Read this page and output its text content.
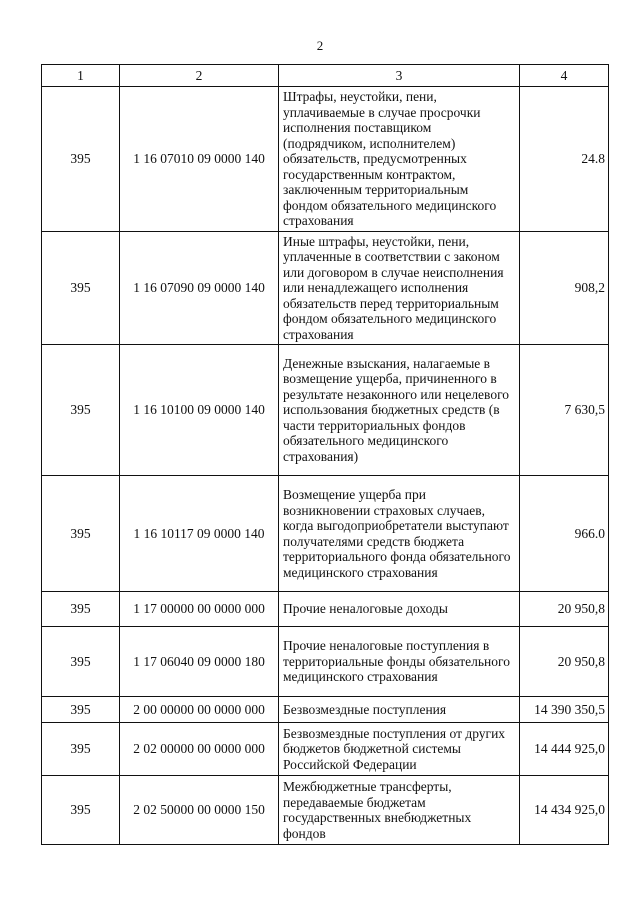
2
1	2	3	4
395	1 16 07010 09 0000 140	Штрафы, неустойки, пени, уплачиваемые в случае просрочки исполнения поставщиком (подрядчиком, исполнителем) обязательств, предусмотренных государственным контрактом, заключенным территориальным фондом обязательного медицинского страхования	24.8
395	1 16 07090 09 0000 140	Иные штрафы, неустойки, пени, уплаченные в соответствии с законом или договором в случае неисполнения или ненадлежащего исполнения обязательств перед территориальным фондом обязательного медицинского страхования	908,2
395	1 16 10100 09 0000 140	Денежные взыскания, налагаемые в возмещение ущерба, причиненного в результате незаконного или нецелевого использования бюджетных средств (в части территориальных фондов обязательного медицинского страхования)	7 630,5
395	1 16 10117 09 0000 140	Возмещение ущерба при возникновении страховых случаев, когда выгодоприобретатели выступают получателями средств бюджета территориального фонда обязательного медицинского страхования	966.0
395	1 17 00000 00 0000 000	Прочие неналоговые доходы	20 950,8
395	1 17 06040 09 0000 180	Прочие неналоговые поступления в территориальные фонды обязательного медицинского страхования	20 950,8
395	2 00 00000 00 0000 000	Безвозмездные поступления	14 390 350,5
395	2 02 00000 00 0000 000	Безвозмездные поступления от других бюджетов бюджетной системы Российской Федерации	14 444 925,0
395	2 02 50000 00 0000 150	Межбюджетные трансферты, передаваемые бюджетам государственных внебюджетных фондов	14 434 925,0
